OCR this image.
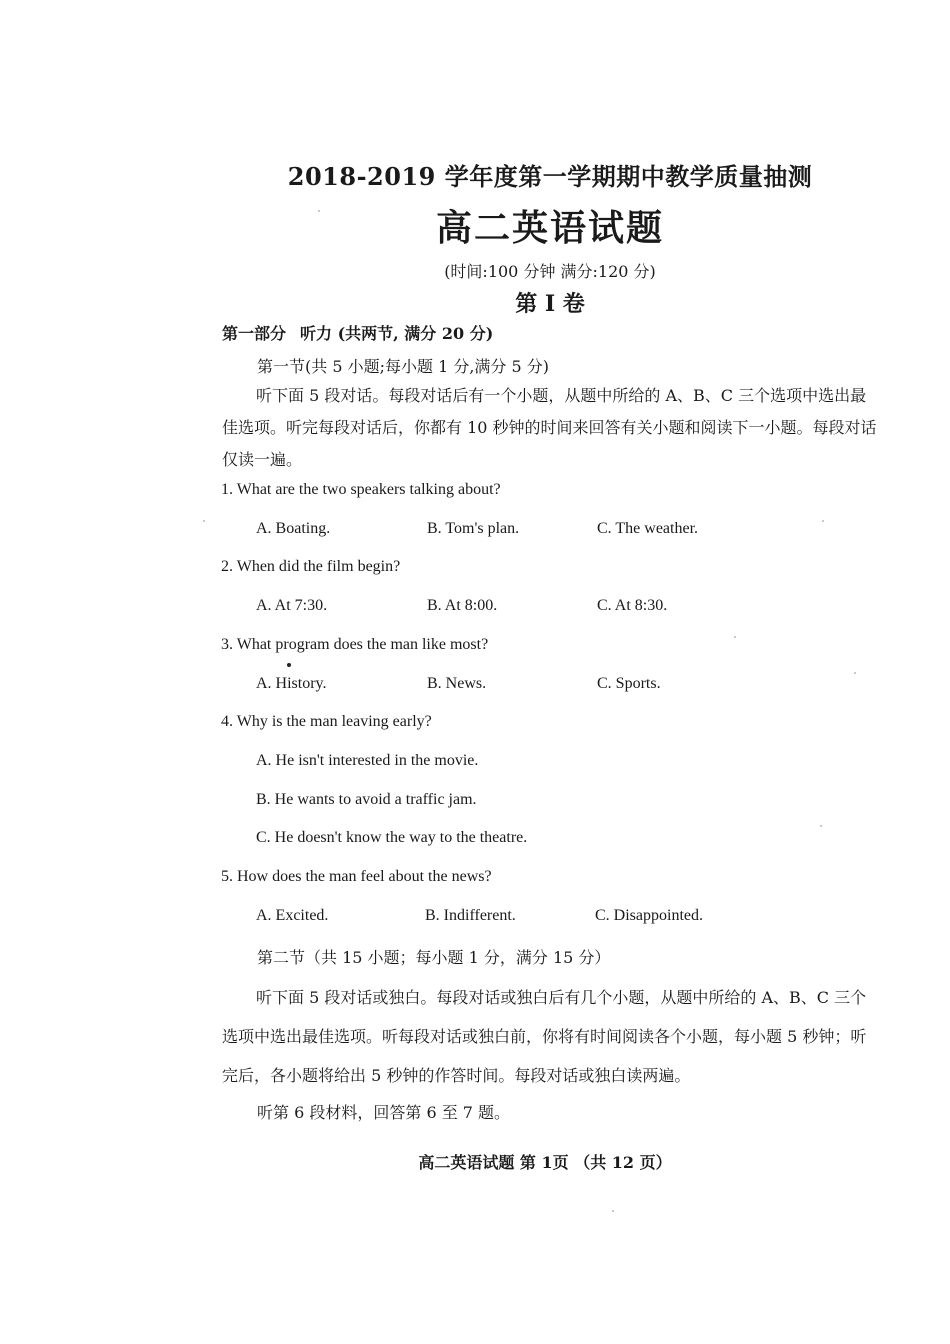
2018-2019 学年度第一学期期中教学质量抽测
高二英语试题
(时间:100 分钟 满分:120 分)
第 I 卷
第一部分 听力 (共两节, 满分 20 分)
第一节(共 5 小题;每小题 1 分,满分 5 分)
听下面 5 段对话。每段对话后有一个小题，从题中所给的 A、B、C 三个选项中选出最佳选项。听完每段对话后，你都有 10 秒钟的时间来回答有关小题和阅读下一小题。每段对话仅读一遍。
1. What are the two speakers talking about?
A. Boating.	B. Tom's plan.	C. The weather.
2. When did the film begin?
A. At 7:30.	B. At 8:00.	C. At 8:30.
3. What program does the man like most?
A. History.	B. News.	C. Sports.
4. Why is the man leaving early?
A. He isn't interested in the movie.
B. He wants to avoid a traffic jam.
C. He doesn't know the way to the theatre.
5. How does the man feel about the news?
A. Excited.	B. Indifferent.	C. Disappointed.
第二节（共 15 小题；每小题 1 分，满分 15 分）
听下面 5 段对话或独白。每段对话或独白后有几个小题，从题中所给的 A、B、C 三个选项中选出最佳选项。听每段对话或独白前，你将有时间阅读各个小题，每小题 5 秒钟；听完后，各小题将给出 5 秒钟的作答时间。每段对话或独白读两遍。
听第 6 段材料，回答第 6 至 7 题。
高二英语试题 第 1页 （共 12 页）
